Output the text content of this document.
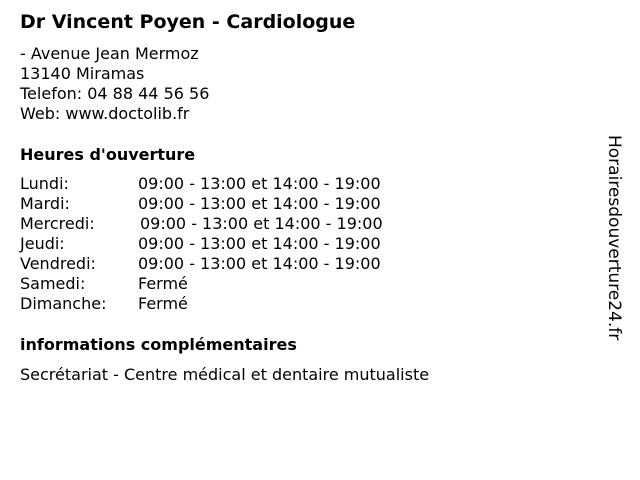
Dr Vincent Poyen - Cardiologue
- Avenue Jean Mermoz
13140 Miramas
Telefon: 04 88 44 56 56
Web: www.doctolib.fr
Heures d'ouverture
Lundi:	09:00 - 13:00 et 14:00 - 19:00
Mardi:	09:00 - 13:00 et 14:00 - 19:00
Mercredi:	09:00 - 13:00 et 14:00 - 19:00
Jeudi:	09:00 - 13:00 et 14:00 - 19:00
Vendredi:	09:00 - 13:00 et 14:00 - 19:00
Samedi:	Fermé
Dimanche: Fermé
informations complémentaires
Secrétariat - Centre médical et dentaire mutualiste
Horairesdouverture24.fr
